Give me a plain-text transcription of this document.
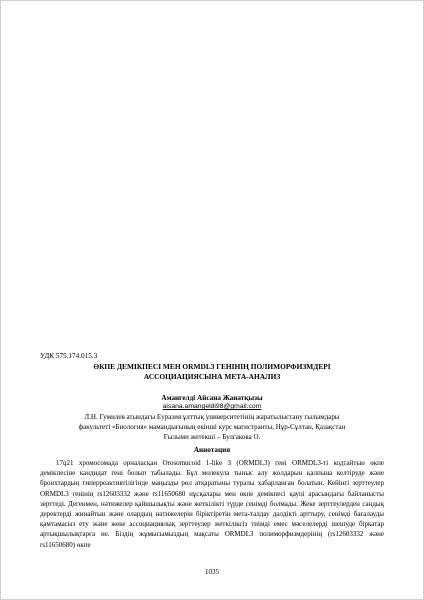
УДК 575.174.015.3
ӨКПЕ ДЕМІКПЕСІ МЕН ORMDL3 ГЕНІНІҢ ПОЛИМОРФИЗМДЕРІ
АССОЦИАЦИЯСЫНА МЕТА-АНАЛИЗ
Амангелді Айсана Жанатқызы
aisana.amangeldi98@gmail.com
Л.Н. Гумилев атындағы Еуразия ұлттық университетінің жаратылыстану ғылымдары
факультеті «Биология» мамандығының екінші курс магистранты, Нұр-Сұлтан, Қазақстан
Ғылыми жетекші – Булгакова О.
Аннотация

17q21 хромосомада орналасқан Orosomucoid 1-like 3 (ORMDL3) гені ORMDL3-ті кодтайтын өкпе демікпесіне кандидат гені болып табылады. Бұл молекула тыныс алу жолдарын қалпына келтіруде және бронхтардың гиперреактивтілігінде маңызды рөл атқаратыны туралы хабарланған болатын. Кейінгі зерттеулер ORMDL3 генінің rs12603332 және rs11650680 нұсқалары мен өкпе демікпесі қаупі арасындағы байланысты зерттеді. Дегенмен, нәтижелер қайшылықты және жеткілікті түрде сенімді болмады. Жеке зерттеулерден сандық деректерді жинайтын және олардың нәтижелерін біріктіретін мета-талдау дәлдікті арттыру, сенімді бағалауды қамтамасыз ету және жеке ассоциациялық зерттеулер жеткіліксіз тиімді емес мәселелерді шешуде біркатар артықшылықтарға ие. Біздің жұмысымыздың мақсаты ORMDL3 полиморфизмдерінің (rs12603332 және rs11650680) өкпе

1035
